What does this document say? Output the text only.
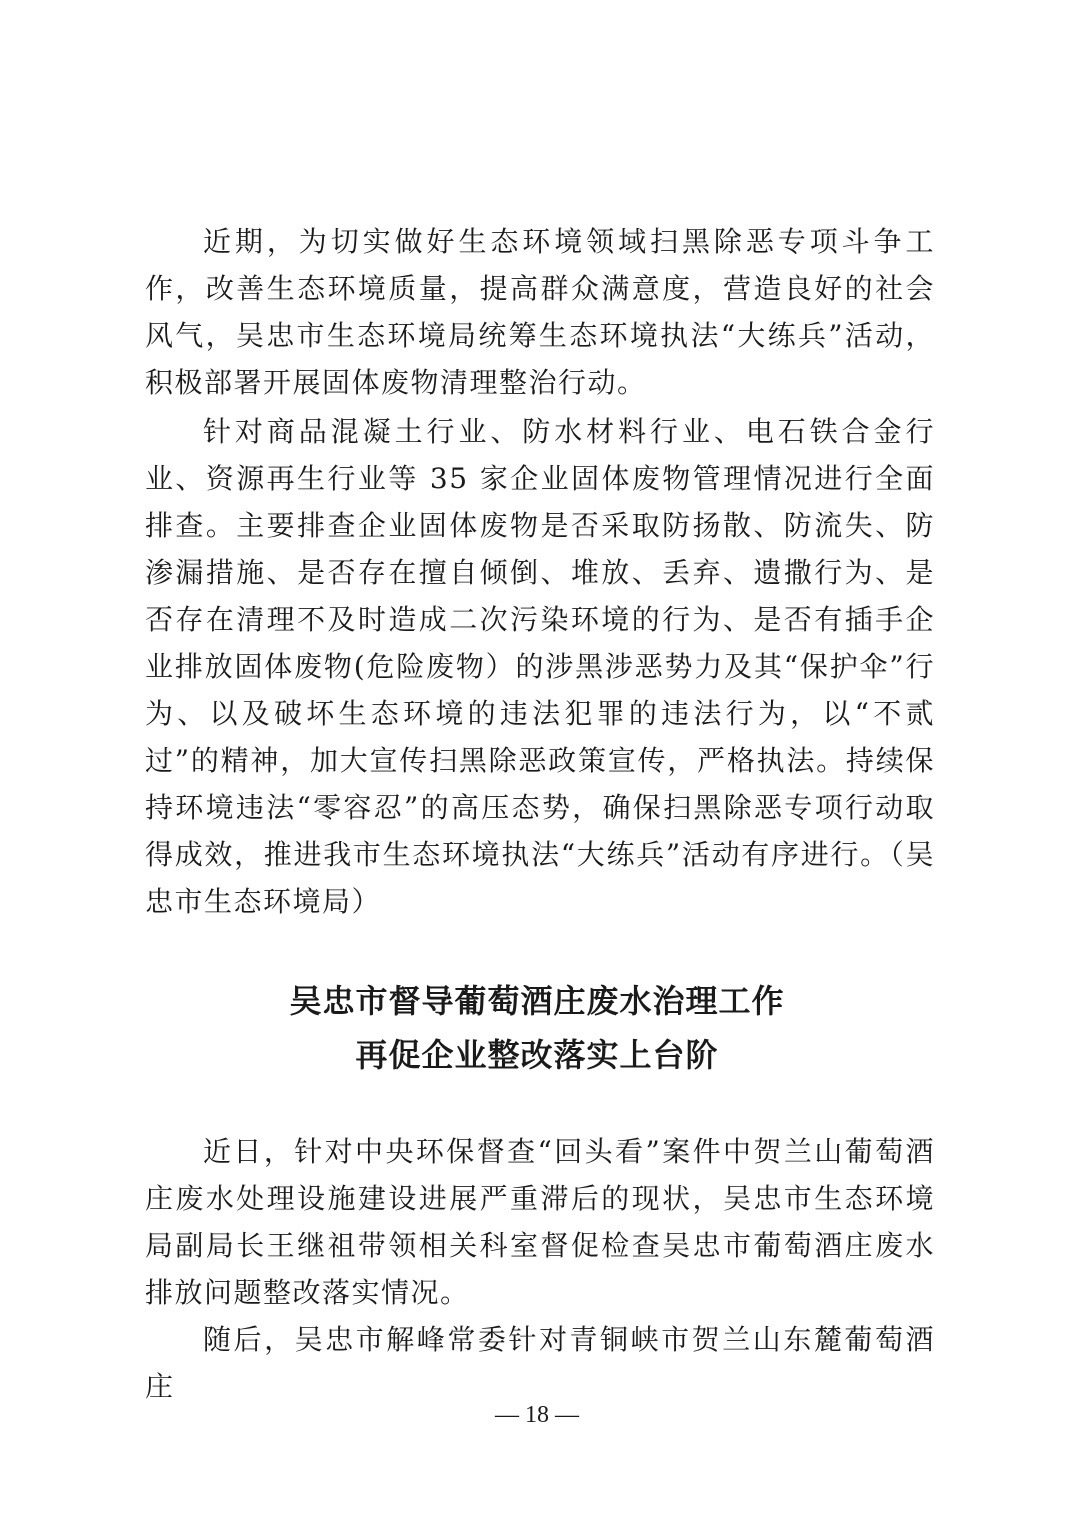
近期，为切实做好生态环境领域扫黑除恶专项斗争工作，改善生态环境质量，提高群众满意度，营造良好的社会风气，吴忠市生态环境局统筹生态环境执法“大练兵”活动，积极部署开展固体废物清理整治行动。

针对商品混凝土行业、防水材料行业、电石铁合金行业、资源再生行业等 35 家企业固体废物管理情况进行全面排查。主要排查企业固体废物是否采取防扬散、防流失、防渗漏措施、是否存在擅自倾倒、堆放、丢弃、遗撒行为、是否存在清理不及时造成二次污染环境的行为、是否有插手企业排放固体废物(危险废物）的涉黑涉恶势力及其“保护伞”行为、以及破坏生态环境的违法犯罪的违法行为，以“不贰过”的精神，加大宣传扫黑除恶政策宣传，严格执法。持续保持环境违法“零容忍”的高压态势，确保扫黑除恶专项行动取得成效，推进我市生态环境执法“大练兵”活动有序进行。（吴忠市生态环境局）

吴忠市督导葡萄酒庄废水治理工作
再促企业整改落实上台阶

近日，针对中央环保督查“回头看”案件中贺兰山葡萄酒庄废水处理设施建设进展严重滞后的现状，吴忠市生态环境局副局长王继祖带领相关科室督促检查吴忠市葡萄酒庄废水排放问题整改落实情况。

随后，吴忠市解峰常委针对青铜峡市贺兰山东麓葡萄酒庄

— 18 —
